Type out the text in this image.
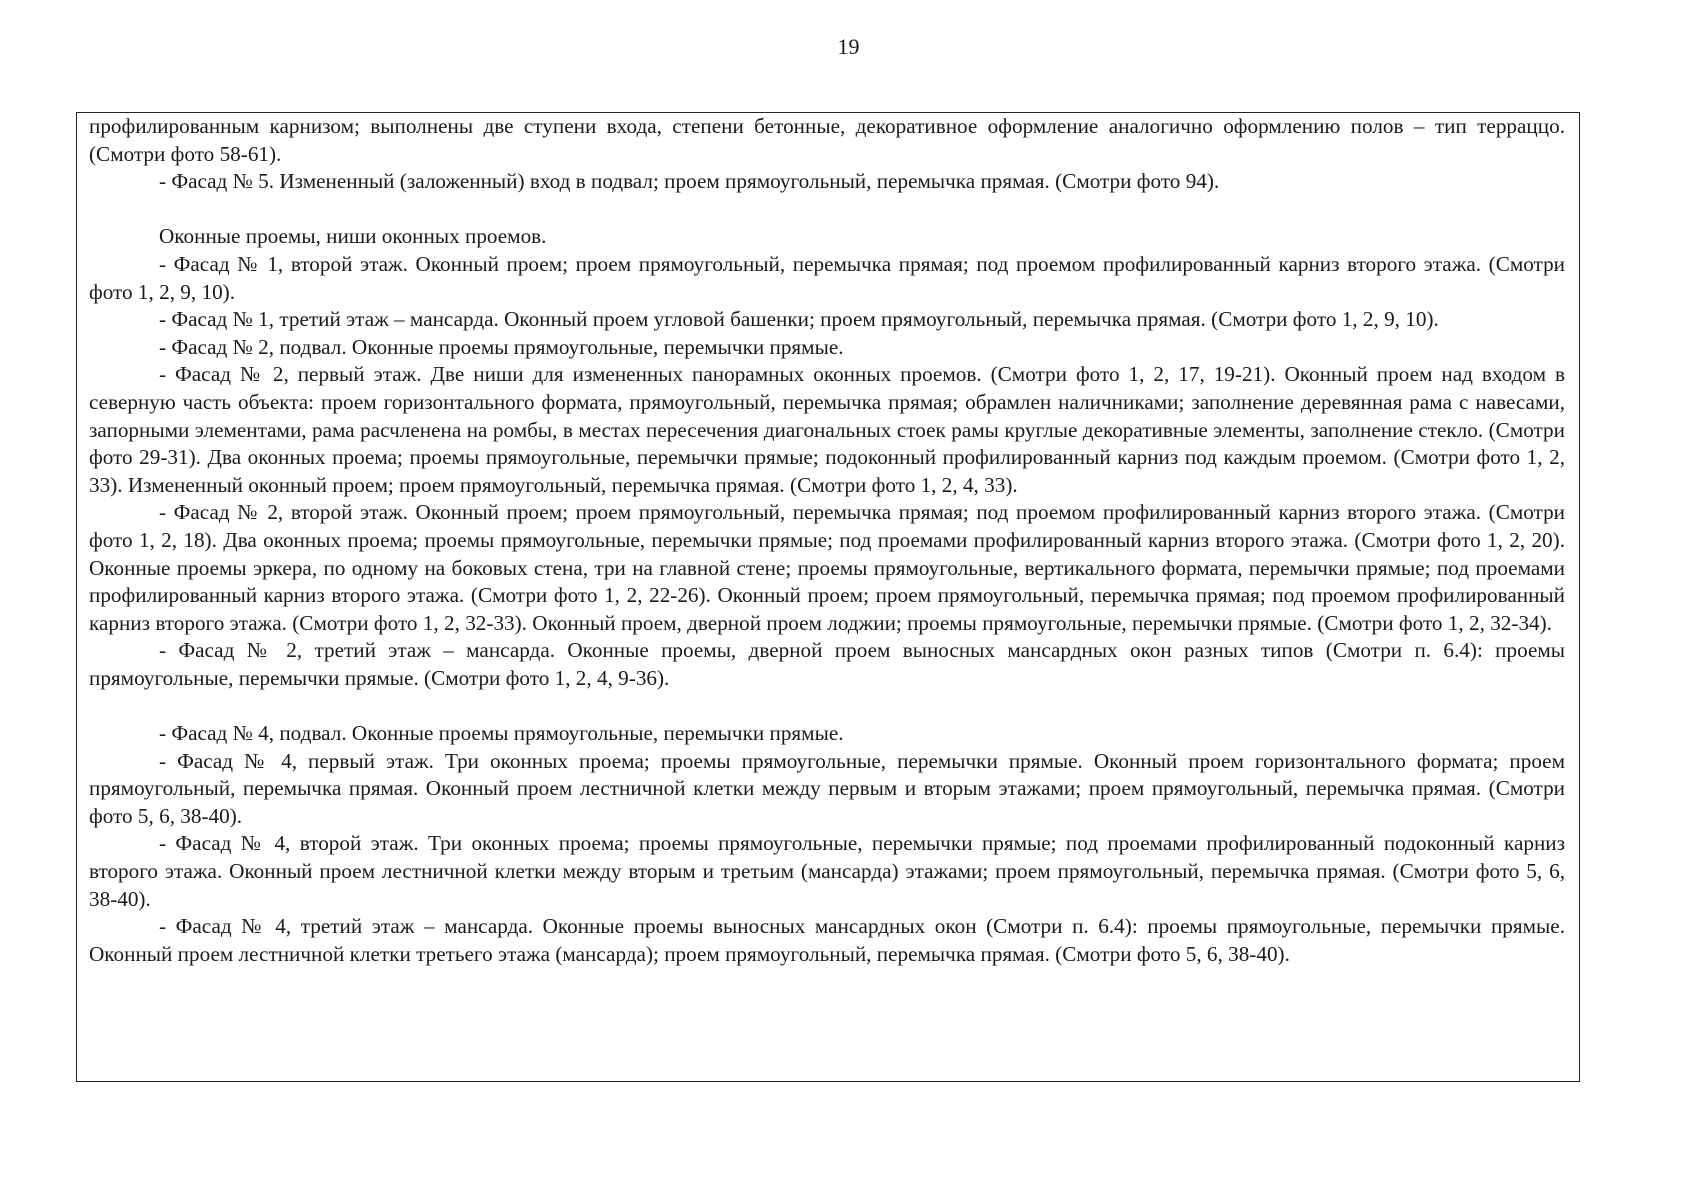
19

профилированным карнизом; выполнены две ступени входа, степени бетонные, декоративное оформление аналогично оформлению полов – тип терраццо. (Смотри фото 58-61).

- Фасад № 5. Измененный (заложенный) вход в подвал; проем прямоугольный, перемычка прямая. (Смотри фото 94).

Оконные проемы, ниши оконных проемов.

- Фасад № 1, второй этаж. Оконный проем; проем прямоугольный, перемычка прямая; под проемом профилированный карниз второго этажа. (Смотри фото 1, 2, 9, 10).

- Фасад № 1, третий этаж – мансарда. Оконный проем угловой башенки; проем прямоугольный, перемычка прямая. (Смотри фото 1, 2, 9, 10).

- Фасад № 2, подвал. Оконные проемы прямоугольные, перемычки прямые.

- Фасад № 2, первый этаж. Две ниши для измененных панорамных оконных проемов. (Смотри фото 1, 2, 17, 19-21). Оконный проем над входом в северную часть объекта: проем горизонтального формата, прямоугольный, перемычка прямая; обрамлен наличниками; заполнение деревянная рама с навесами, запорными элементами, рама расчленена на ромбы, в местах пересечения диагональных стоек рамы круглые декоративные элементы, заполнение стекло. (Смотри фото 29-31). Два оконных проема; проемы прямоугольные, перемычки прямые; подоконный профилированный карниз под каждым проемом. (Смотри фото 1, 2, 33). Измененный оконный проем; проем прямоугольный, перемычка прямая. (Смотри фото 1, 2, 4, 33).

- Фасад № 2, второй этаж. Оконный проем; проем прямоугольный, перемычка прямая; под проемом профилированный карниз второго этажа. (Смотри фото 1, 2, 18). Два оконных проема; проемы прямоугольные, перемычки прямые; под проемами профилированный карниз второго этажа. (Смотри фото 1, 2, 20). Оконные проемы эркера, по одному на боковых стена, три на главной стене; проемы прямоугольные, вертикального формата, перемычки прямые; под проемами профилированный карниз второго этажа. (Смотри фото 1, 2, 22-26). Оконный проем; проем прямоугольный, перемычка прямая; под проемом профилированный карниз второго этажа. (Смотри фото 1, 2, 32-33). Оконный проем, дверной проем лоджии; проемы прямоугольные, перемычки прямые. (Смотри фото 1, 2, 32-34).

- Фасад № 2, третий этаж – мансарда. Оконные проемы, дверной проем выносных мансардных окон разных типов (Смотри п. 6.4): проемы прямоугольные, перемычки прямые. (Смотри фото 1, 2, 4, 9-36).

- Фасад № 4, подвал. Оконные проемы прямоугольные, перемычки прямые.

- Фасад № 4, первый этаж. Три оконных проема; проемы прямоугольные, перемычки прямые. Оконный проем горизонтального формата; проем прямоугольный, перемычка прямая. Оконный проем лестничной клетки между первым и вторым этажами; проем прямоугольный, перемычка прямая. (Смотри фото 5, 6, 38-40).

- Фасад № 4, второй этаж. Три оконных проема; проемы прямоугольные, перемычки прямые; под проемами профилированный подоконный карниз второго этажа. Оконный проем лестничной клетки между вторым и третьим (мансарда) этажами; проем прямоугольный, перемычка прямая. (Смотри фото 5, 6, 38-40).

- Фасад № 4, третий этаж – мансарда. Оконные проемы выносных мансардных окон (Смотри п. 6.4): проемы прямоугольные, перемычки прямые. Оконный проем лестничной клетки третьего этажа (мансарда); проем прямоугольный, перемычка прямая. (Смотри фото 5, 6, 38-40).
